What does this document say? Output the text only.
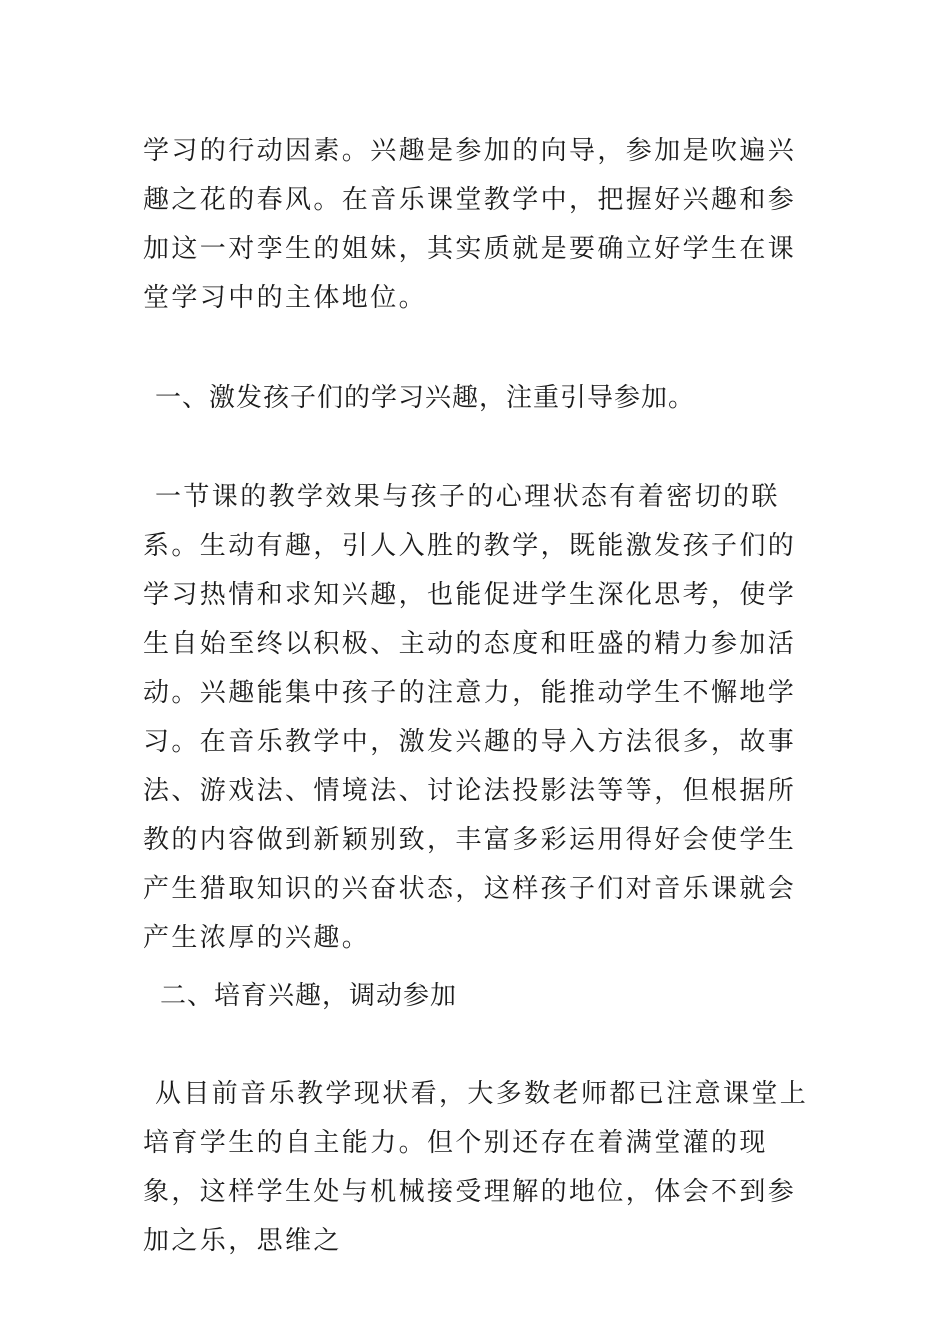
学习的行动因素。兴趣是参加的向导，参加是吹遍兴趣之花的春风。在音乐课堂教学中，把握好兴趣和参加这一对孪生的姐妹，其实质就是要确立好学生在课堂学习中的主体地位。
一、激发孩子们的学习兴趣，注重引导参加。
一节课的教学效果与孩子的心理状态有着密切的联系。生动有趣，引人入胜的教学，既能激发孩子们的学习热情和求知兴趣，也能促进学生深化思考，使学生自始至终以积极、主动的态度和旺盛的精力参加活动。兴趣能集中孩子的注意力，能推动学生不懈地学习。在音乐教学中，激发兴趣的导入方法很多，故事法、游戏法、情境法、讨论法投影法等等，但根据所教的内容做到新颖别致，丰富多彩运用得好会使学生产生猎取知识的兴奋状态，这样孩子们对音乐课就会产生浓厚的兴趣。
二、培育兴趣，调动参加
从目前音乐教学现状看，大多数老师都已注意课堂上培育学生的自主能力。但个别还存在着满堂灌的现象，这样学生处与机械接受理解的地位，体会不到参加之乐，思维之
